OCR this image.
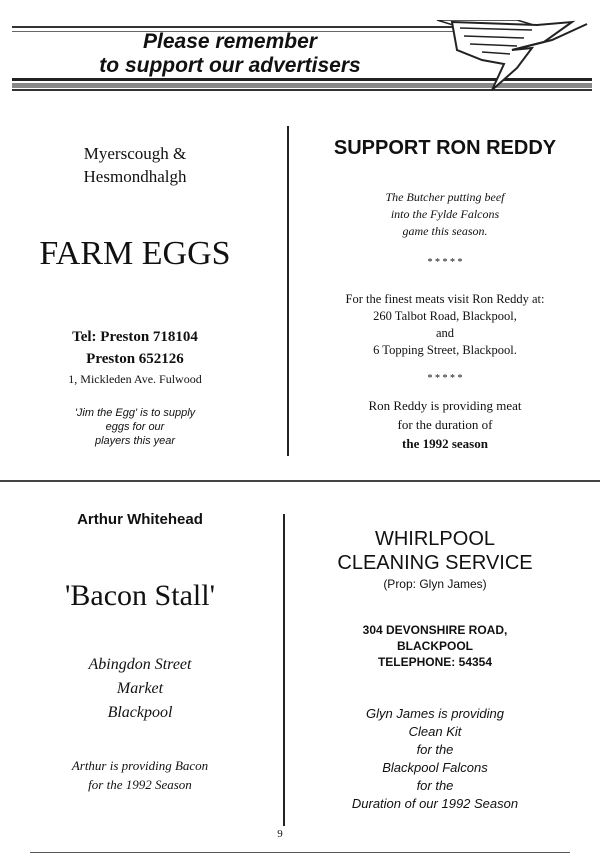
Please remember
to support our advertisers
Myerscough &
Hesmondhalgh
FARM EGGS
Tel: Preston 718104
Preston 652126
1, Mickleden Ave. Fulwood
'Jim the Egg' is to supply
eggs for our
players this year
SUPPORT RON REDDY
The Butcher putting beef
into the Fylde Falcons
game this season.
* * * * *
For the finest meats visit Ron Reddy at:
260 Talbot Road, Blackpool,
and
6 Topping Street, Blackpool.
* * * * *
Ron Reddy is providing meat
for the duration of
the 1992 season
Arthur Whitehead
'Bacon Stall'
Abingdon Street
Market
Blackpool
Arthur is providing Bacon
for the 1992 Season
WHIRLPOOL
CLEANING SERVICE
(Prop: Glyn James)
304 DEVONSHIRE ROAD,
BLACKPOOL
TELEPHONE: 54354
Glyn James is providing
Clean Kit
for the
Blackpool Falcons
for the
Duration of our 1992 Season
9
